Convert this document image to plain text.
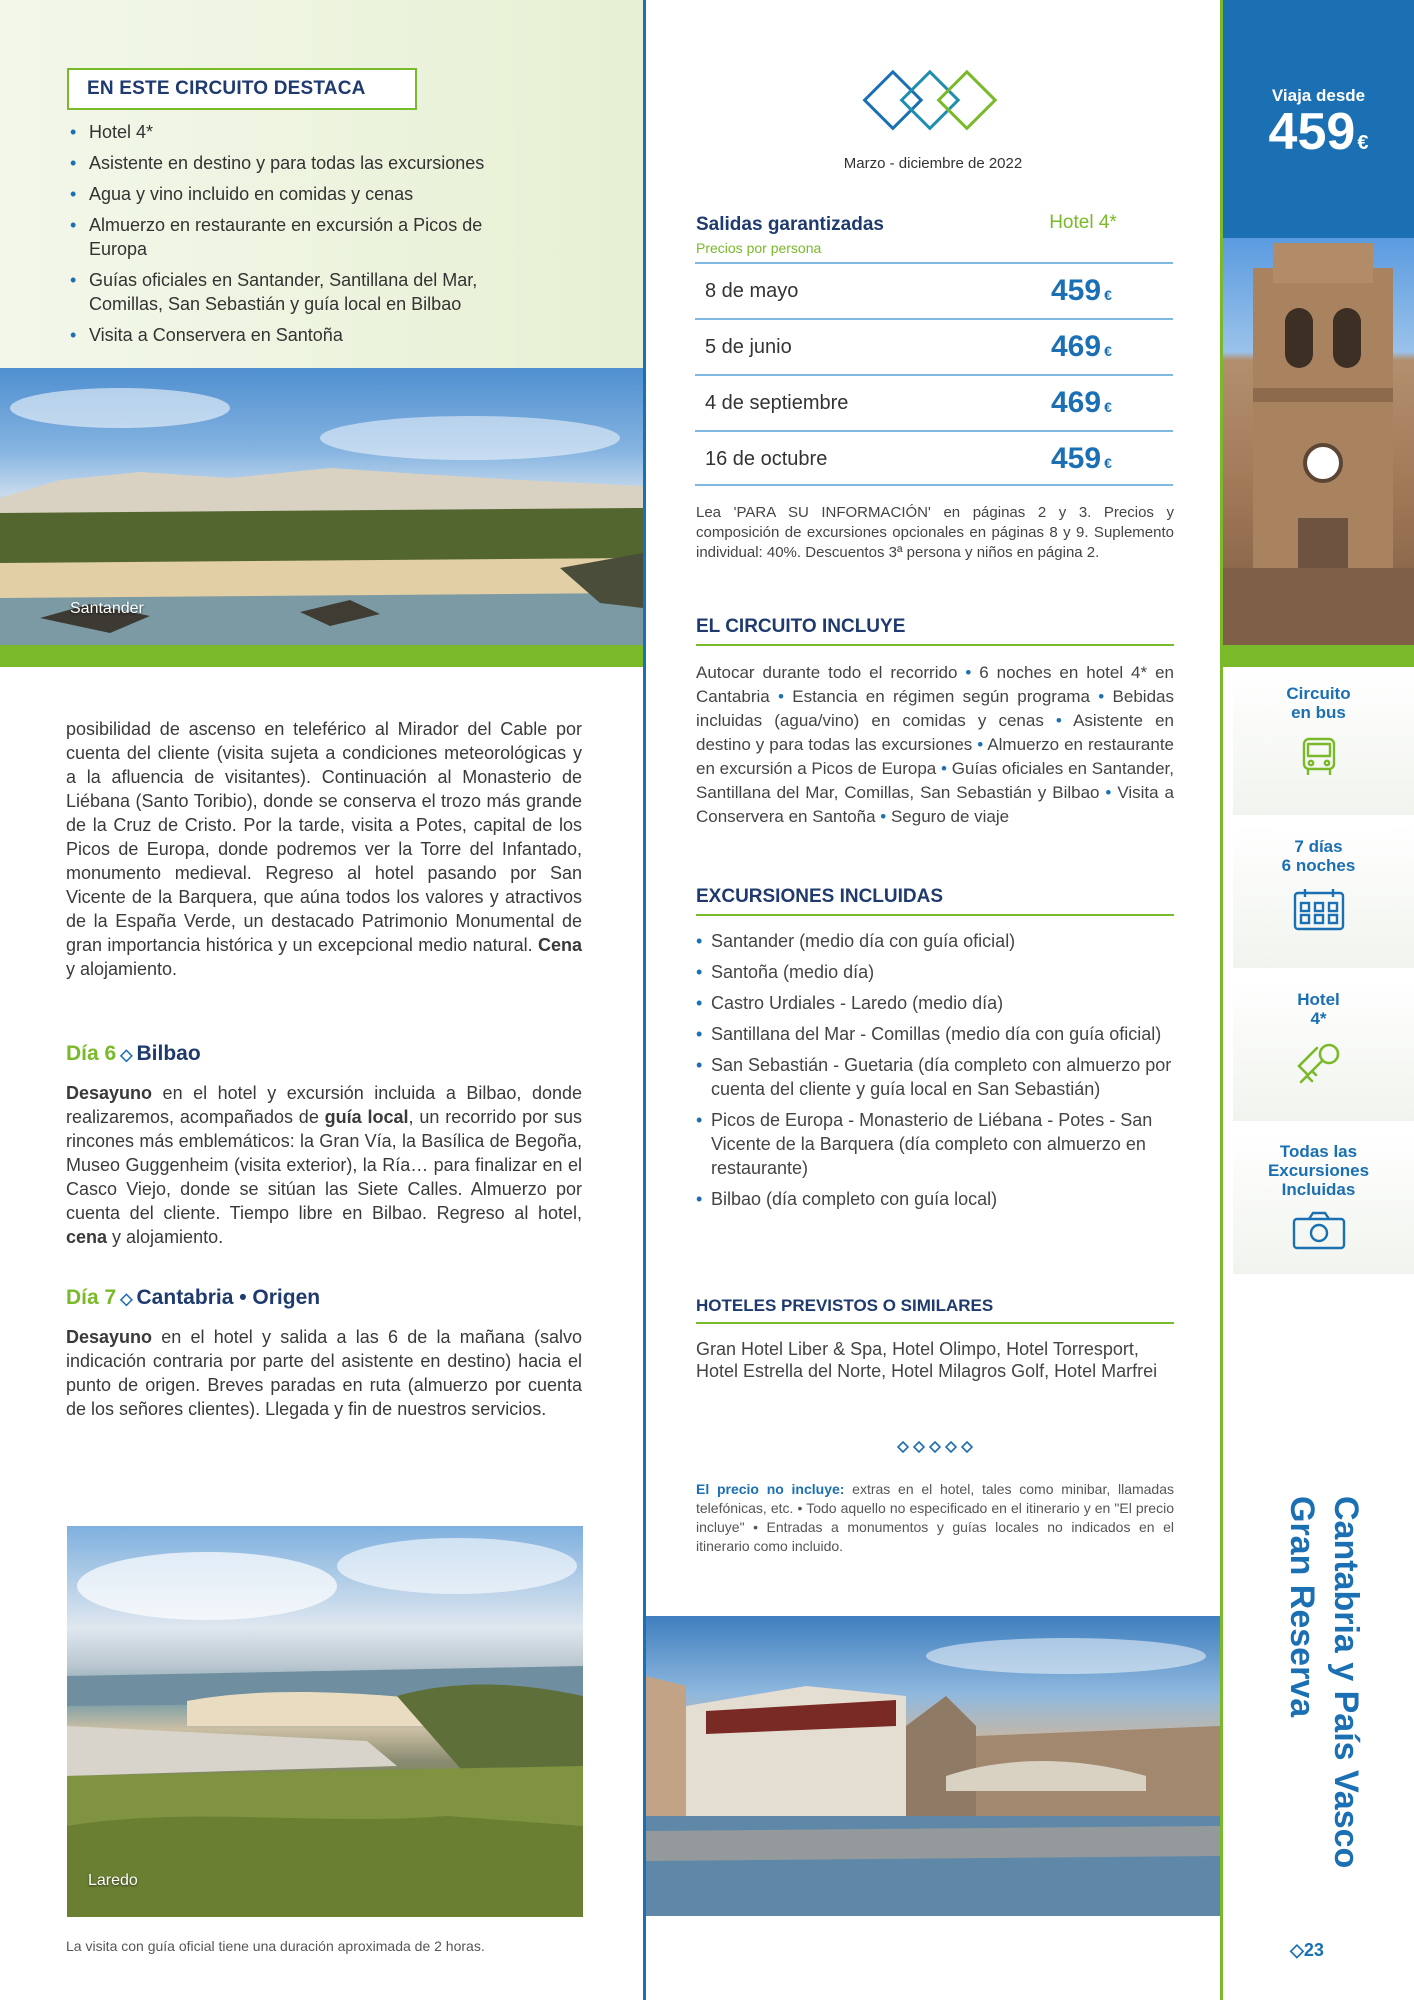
EN ESTE CIRCUITO DESTACA
• Hotel 4*
• Asistente en destino y para todas las excursiones
• Agua y vino incluido en comidas y cenas
• Almuerzo en restaurante en excursión a Picos de Europa
• Guías oficiales en Santander, Santillana del Mar, Comillas, San Sebastián y guía local en Bilbao
• Visita a Conservera en Santoña
Santander

posibilidad de ascenso en teleférico al Mirador del Cable por cuenta del cliente (visita sujeta a condiciones meteorológicas y a la afluencia de visitantes). Continuación al Monasterio de Liébana (Santo Toribio), donde se conserva el trozo más grande de la Cruz de Cristo. Por la tarde, visita a Potes, capital de los Picos de Europa, donde podremos ver la Torre del Infantado, monumento medieval. Regreso al hotel pasando por San Vicente de la Barquera, que aúna todos los valores y atractivos de la España Verde, un destacado Patrimonio Monumental de gran importancia histórica y un excepcional medio natural. Cena y alojamiento.

Día 6 ◇ Bilbao

Desayuno en el hotel y excursión incluida a Bilbao, donde realizaremos, acompañados de guía local, un recorrido por sus rincones más emblemáticos: la Gran Vía, la Basílica de Begoña, Museo Guggenheim (visita exterior), la Ría… para finalizar en el Casco Viejo, donde se sitúan las Siete Calles. Almuerzo por cuenta del cliente. Tiempo libre en Bilbao. Regreso al hotel, cena y alojamiento.

Día 7 ◇ Cantabria • Origen

Desayuno en el hotel y salida a las 6 de la mañana (salvo indicación contraria por parte del asistente en destino) hacia el punto de origen. Breves paradas en ruta (almuerzo por cuenta de los señores clientes). Llegada y fin de nuestros servicios.

Laredo
La visita con guía oficial tiene una duración aproximada de 2 horas.
Marzo - diciembre de 2022
Salidas garantizadas
Precios por persona
Hotel 4*
8 de mayo	459 €
5 de junio	469 €
4 de septiembre	469 €
16 de octubre	459 €

Lea 'PARA SU INFORMACIÓN' en páginas 2 y 3. Precios y composición de excursiones opcionales en páginas 8 y 9. Suplemento individual: 40%. Descuentos 3ª persona y niños en página 2.

EL CIRCUITO INCLUYE

Autocar durante todo el recorrido • 6 noches en hotel 4* en Cantabria • Estancia en régimen según programa • Bebidas incluidas (agua/vino) en comidas y cenas • Asistente en destino y para todas las excursiones • Almuerzo en restaurante en excursión a Picos de Europa • Guías oficiales en Santander, Santillana del Mar, Comillas, San Sebastián y Bilbao • Visita a Conservera en Santoña • Seguro de viaje

EXCURSIONES INCLUIDAS
• Santander (medio día con guía oficial)
• Santoña (medio día)
• Castro Urdiales - Laredo (medio día)
• Santillana del Mar - Comillas (medio día con guía oficial)
• San Sebastián - Guetaria (día completo con almuerzo por cuenta del cliente y guía local en San Sebastián)
• Picos de Europa - Monasterio de Liébana - Potes - San Vicente de la Barquera (día completo con almuerzo en restaurante)
• Bilbao (día completo con guía local)
HOTELES PREVISTOS O SIMILARES

Gran Hotel Liber & Spa, Hotel Olimpo, Hotel Torresport, Hotel Estrella del Norte, Hotel Milagros Golf, Hotel Marfrei

El precio no incluye: extras en el hotel, tales como minibar, llamadas telefónicas, etc. • Todo aquello no especificado en el itinerario y en "El precio incluye" • Entradas a monumentos y guías locales no indicados en el itinerario como incluido.

Viaja desde
459 €
Circuito
en bus
7 días
6 noches
Hotel
4*
Todas las
Excursiones
Incluidas
Cantabria y País Vasco
Gran Reserva
◇23
